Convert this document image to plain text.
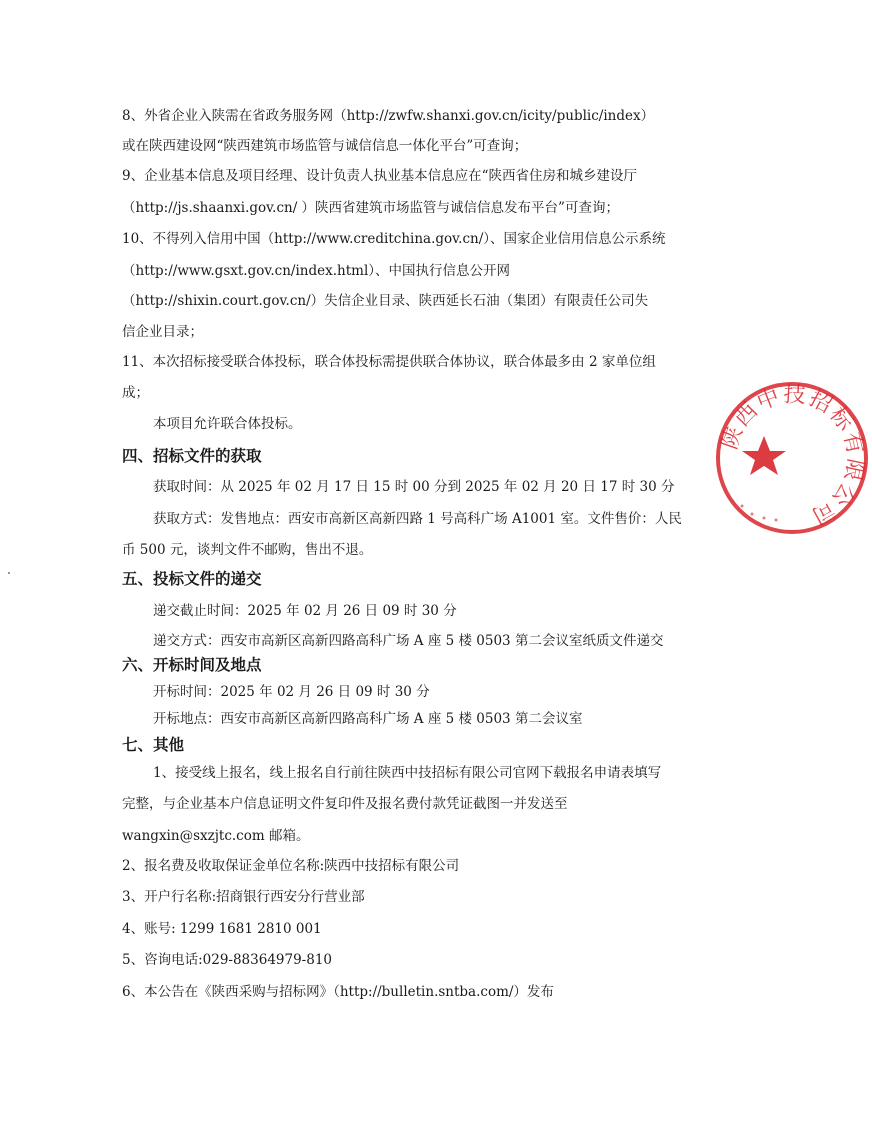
8、外省企业入陕需在省政务服务网（http://zwfw.shanxi.gov.cn/icity/public/index）
或在陕西建设网“陕西建筑市场监管与诚信信息一体化平台”可查询；
9、企业基本信息及项目经理、设计负责人执业基本信息应在“陕西省住房和城乡建设厅
（http://js.shaanxi.gov.cn/ ）陕西省建筑市场监管与诚信信息发布平台”可查询；
10、不得列入信用中国（http://www.creditchina.gov.cn/）、国家企业信用信息公示系统
（http://www.gsxt.gov.cn/index.html）、中国执行信息公开网
（http://shixin.court.gov.cn/）失信企业目录、陕西延长石油（集团）有限责任公司失
信企业目录；
11、本次招标接受联合体投标，联合体投标需提供联合体协议，联合体最多由 2 家单位组
成；
本项目允许联合体投标。
四、招标文件的获取
获取时间：从 2025 年 02 月 17 日 15 时 00 分到 2025 年 02 月 20 日 17 时 30 分
获取方式：发售地点：西安市高新区高新四路 1 号高科广场 A1001 室。文件售价：人民
币 500 元，谈判文件不邮购，售出不退。
五、投标文件的递交
递交截止时间：2025 年 02 月 26 日 09 时 30 分
递交方式：西安市高新区高新四路高科广场 A 座 5 楼 0503 第二会议室纸质文件递交
六、开标时间及地点
开标时间：2025 年 02 月 26 日 09 时 30 分
开标地点：西安市高新区高新四路高科广场 A 座 5 楼 0503 第二会议室
七、其他
1、接受线上报名，线上报名自行前往陕西中技招标有限公司官网下载报名申请表填写
完整，与企业基本户信息证明文件复印件及报名费付款凭证截图一并发送至
wangxin@sxzjtc.com 邮箱。
2、报名费及收取保证金单位名称:陕西中技招标有限公司
3、开户行名称:招商银行西安分行营业部
4、账号: 1299 1681 2810 001
5、咨询电话:029-88364979-810
6、本公告在《陕西采购与招标网》（http://bulletin.sntba.com/）发布
陕西中技招标有限公司
